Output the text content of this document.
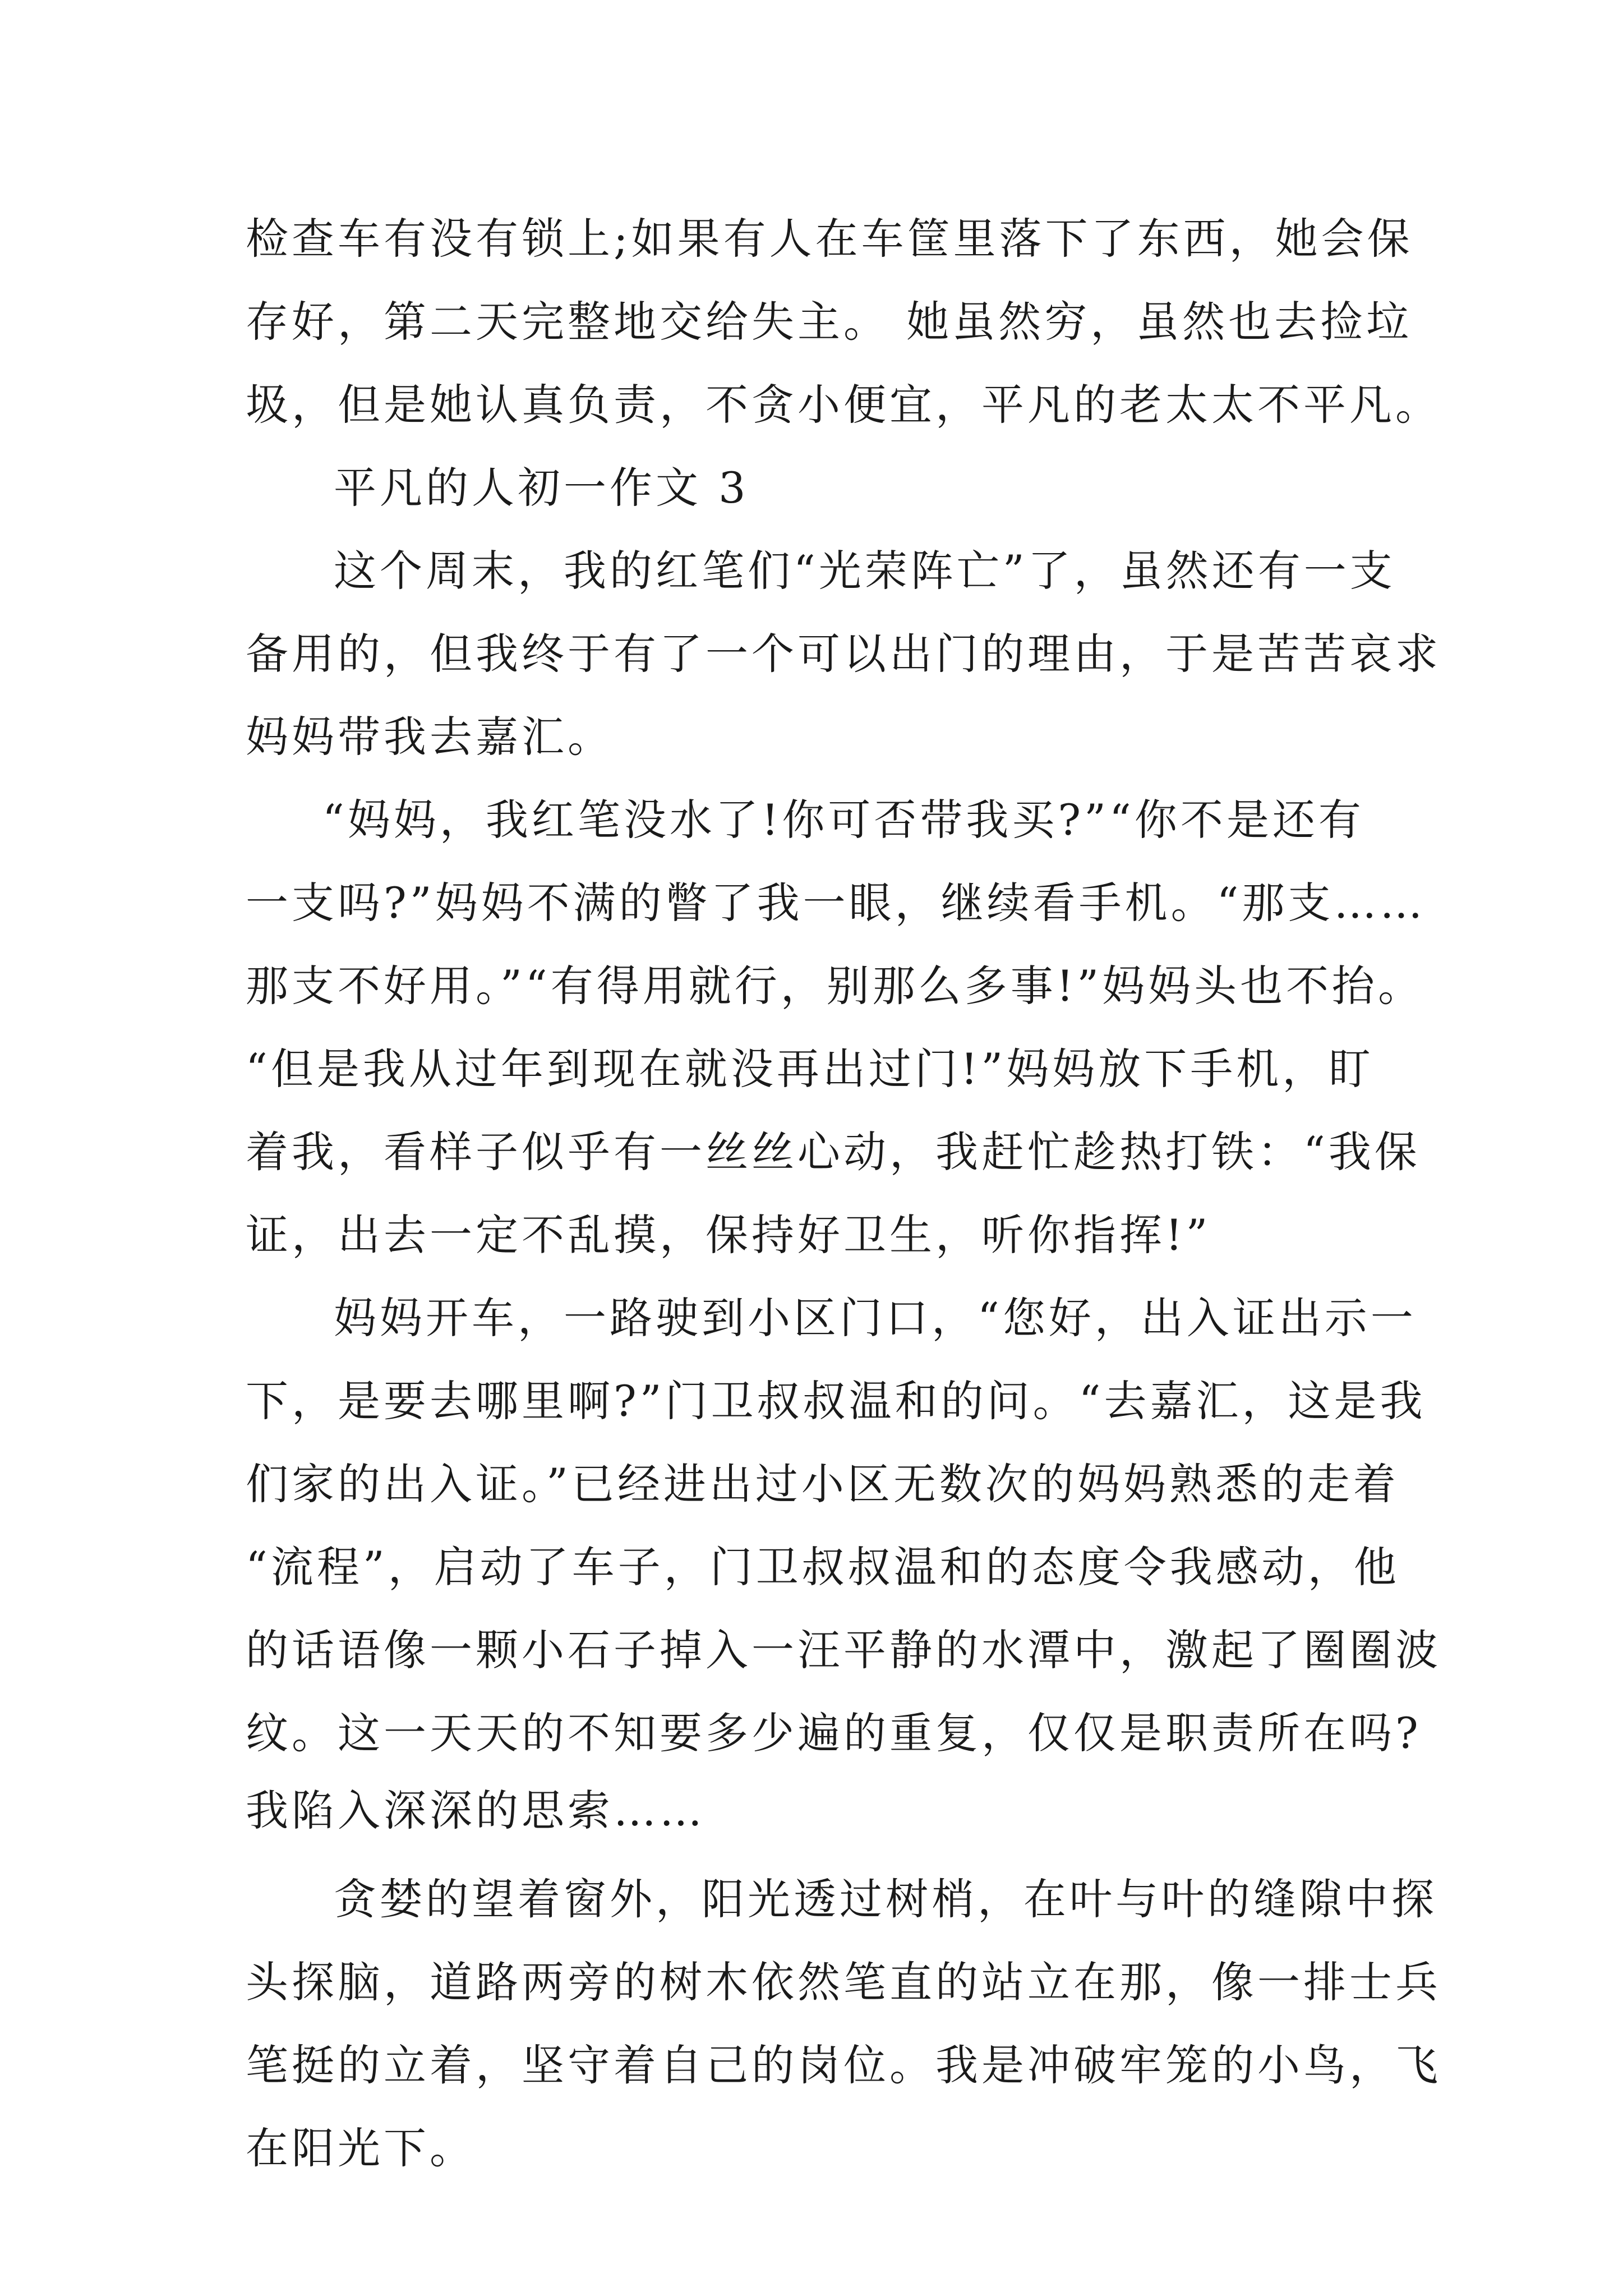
检查车有没有锁上;如果有人在车筐里落下了东西，她会保
存好，第二天完整地交给失主。 她虽然穷，虽然也去捡垃
圾，但是她认真负责，不贪小便宜，平凡的老太太不平凡。
平凡的人初一作文 3
这个周末，我的红笔们“光荣阵亡”了，虽然还有一支
备用的，但我终于有了一个可以出门的理由，于是苦苦哀求
妈妈带我去嘉汇。
“妈妈，我红笔没水了!你可否带我买?”“你不是还有
一支吗?”妈妈不满的瞥了我一眼，继续看手机。“那支……
那支不好用。”“有得用就行，别那么多事!”妈妈头也不抬。
“但是我从过年到现在就没再出过门!”妈妈放下手机，盯
着我，看样子似乎有一丝丝心动，我赶忙趁热打铁：“我保
证，出去一定不乱摸，保持好卫生，听你指挥!”
妈妈开车，一路驶到小区门口，“您好，出入证出示一
下，是要去哪里啊?”门卫叔叔温和的问。“去嘉汇，这是我
们家的出入证。”已经进出过小区无数次的妈妈熟悉的走着
“流程”，启动了车子，门卫叔叔温和的态度令我感动，他
的话语像一颗小石子掉入一汪平静的水潭中，激起了圈圈波
纹。这一天天的不知要多少遍的重复，仅仅是职责所在吗?
我陷入深深的思索……
贪婪的望着窗外，阳光透过树梢，在叶与叶的缝隙中探
头探脑，道路两旁的树木依然笔直的站立在那，像一排士兵
笔挺的立着，坚守着自己的岗位。我是冲破牢笼的小鸟，飞
在阳光下。
